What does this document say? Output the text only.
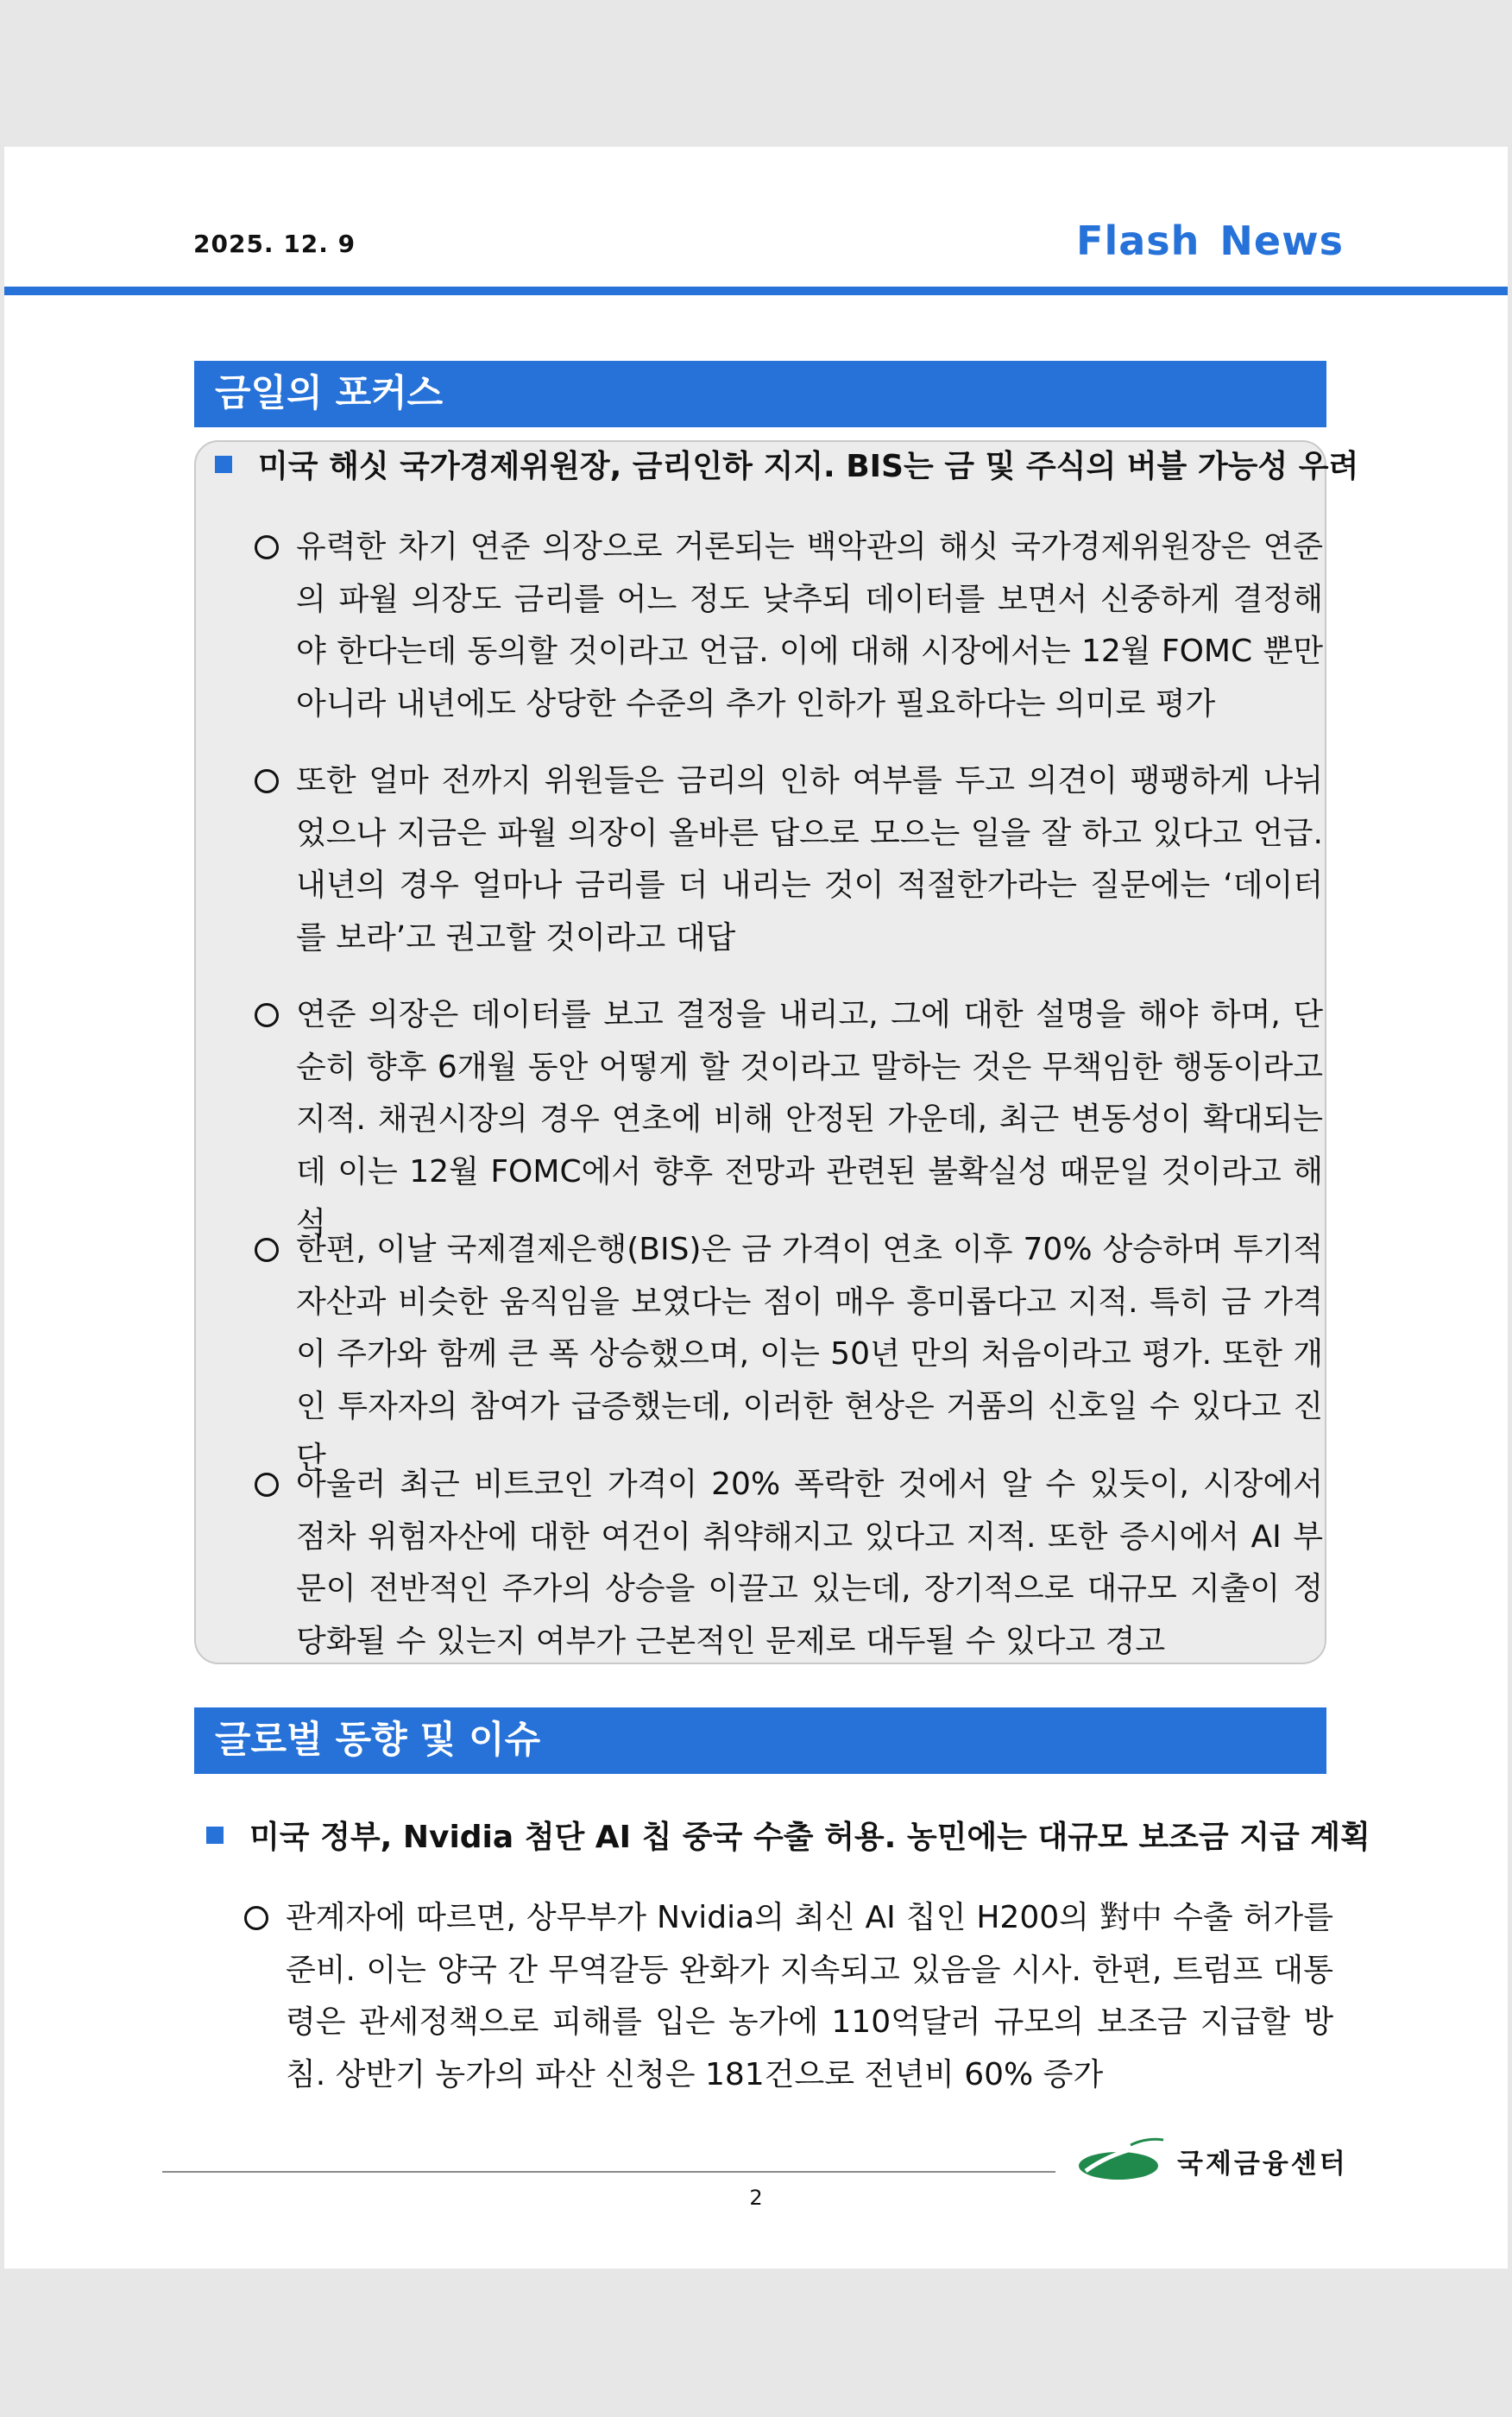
2025. 12. 9	Flash News
금일의 포커스
미국 해싯 국가경제위원장, 금리인하 지지. BIS는 금 및 주식의 버블 가능성 우려
유력한 차기 연준 의장으로 거론되는 백악관의 해싯 국가경제위원장은 연준의 파월 의장도 금리를 어느 정도 낮추되 데이터를 보면서 신중하게 결정해야 한다는데 동의할 것이라고 언급. 이에 대해 시장에서는 12월 FOMC 뿐만 아니라 내년에도 상당한 수준의 추가 인하가 필요하다는 의미로 평가
또한 얼마 전까지 위원들은 금리의 인하 여부를 두고 의견이 팽팽하게 나뉘었으나 지금은 파월 의장이 올바른 답으로 모으는 일을 잘 하고 있다고 언급. 내년의 경우 얼마나 금리를 더 내리는 것이 적절한가라는 질문에는 ‘데이터를 보라’고 권고할 것이라고 대답
연준 의장은 데이터를 보고 결정을 내리고, 그에 대한 설명을 해야 하며, 단순히 향후 6개월 동안 어떻게 할 것이라고 말하는 것은 무책임한 행동이라고 지적. 채권시장의 경우 연초에 비해 안정된 가운데, 최근 변동성이 확대되는데 이는 12월 FOMC에서 향후 전망과 관련된 불확실성 때문일 것이라고 해석
한편, 이날 국제결제은행(BIS)은 금 가격이 연초 이후 70% 상승하며 투기적 자산과 비슷한 움직임을 보였다는 점이 매우 흥미롭다고 지적. 특히 금 가격이 주가와 함께 큰 폭 상승했으며, 이는 50년 만의 처음이라고 평가. 또한 개인 투자자의 참여가 급증했는데, 이러한 현상은 거품의 신호일 수 있다고 진단
아울러 최근 비트코인 가격이 20% 폭락한 것에서 알 수 있듯이, 시장에서 점차 위험자산에 대한 여건이 취약해지고 있다고 지적. 또한 증시에서 AI 부문이 전반적인 주가의 상승을 이끌고 있는데, 장기적으로 대규모 지출이 정당화될 수 있는지 여부가 근본적인 문제로 대두될 수 있다고 경고
글로벌 동향 및 이슈
미국 정부, Nvidia 첨단 AI 칩 중국 수출 허용. 농민에는 대규모 보조금 지급 계획
관계자에 따르면, 상무부가 Nvidia의 최신 AI 칩인 H200의 對中 수출 허가를 준비. 이는 양국 간 무역갈등 완화가 지속되고 있음을 시사. 한편, 트럼프 대통령은 관세정책으로 피해를 입은 농가에 110억달러 규모의 보조금 지급할 방침. 상반기 농가의 파산 신청은 181건으로 전년비 60% 증가
국제금융센터
2
